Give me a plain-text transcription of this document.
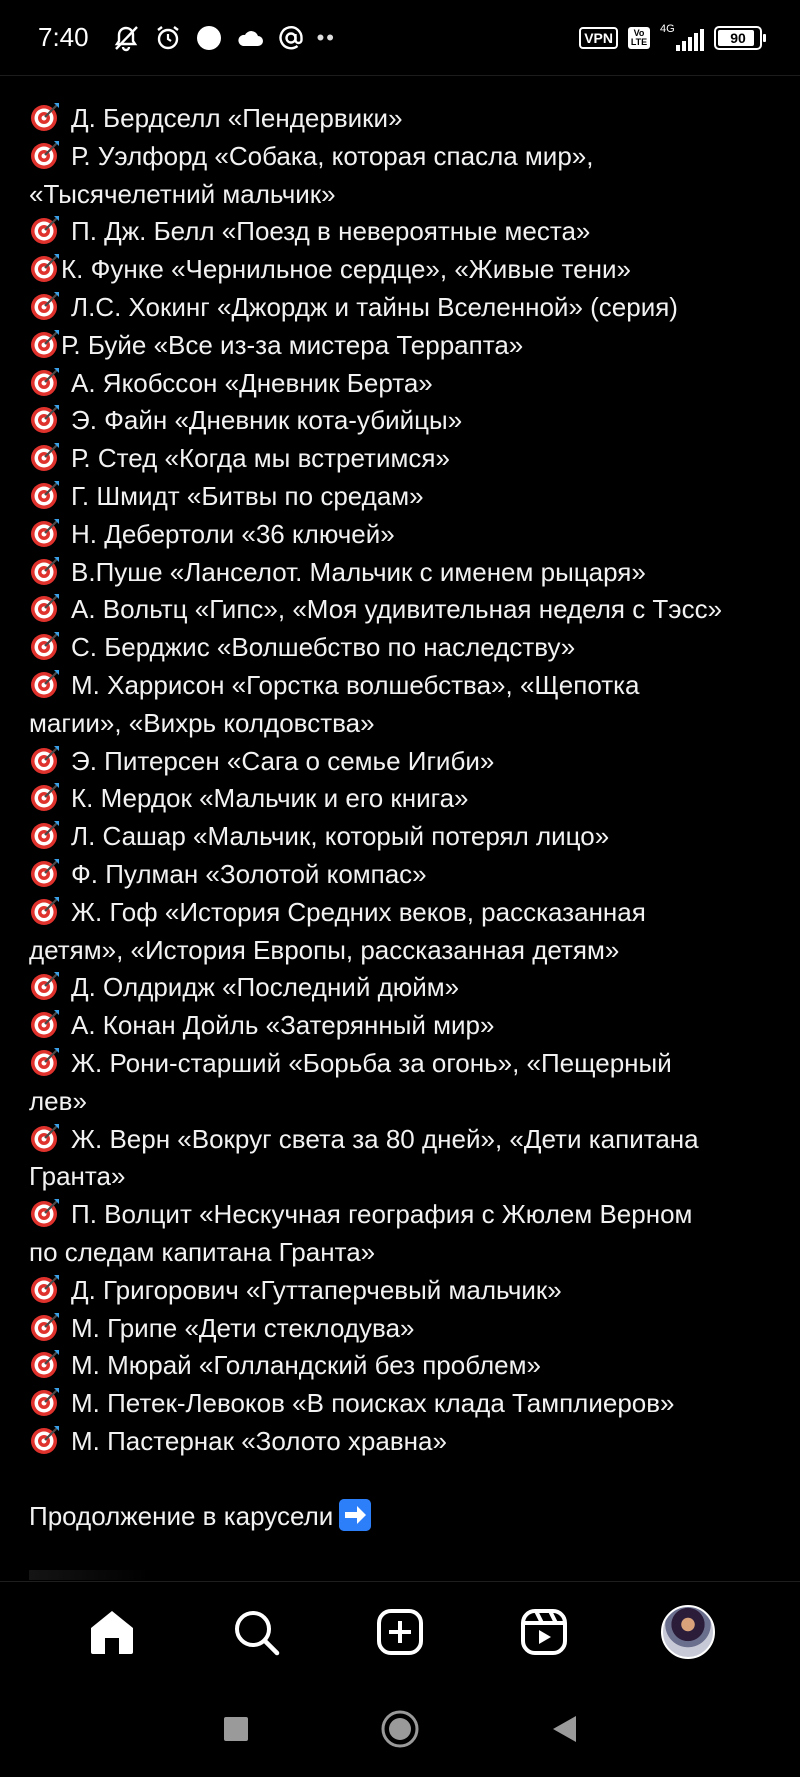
7:40	••	VPN	Vo LTE
4G
90
Д. Бердселл «Пендервики»
Р. Уэлфорд «Собака, которая спасла мир»,
«Тысячелетний мальчик»
П. Дж. Белл «Поезд в невероятные места»
К. Функе «Чернильное сердце», «Живые тени»
Л.С. Хокинг «Джордж и тайны Вселенной» (серия)
Р. Буйе «Все из-за мистера Террапта»
А. Якобссон «Дневник Берта»
Э. Файн «Дневник кота-убийцы»
Р. Стед «Когда мы встретимся»
Г. Шмидт «Битвы по средам»
Н. Дебертоли «36 ключей»
В.Пуше «Ланселот. Мальчик с именем рыцаря»
А. Вольтц «Гипс», «Моя удивительная неделя с Тэсс»
С. Берджис «Волшебство по наследству»
М. Харрисон «Горстка волшебства», «Щепотка
магии», «Вихрь колдовства»
Э. Питерсен «Сага о семье Игиби»
К. Мердок «Мальчик и его книга»
Л. Сашар «Мальчик, который потерял лицо»
Ф. Пулман «Золотой компас»
Ж. Гоф «История Средних веков, рассказанная
детям», «История Европы, рассказанная детям»
Д. Олдридж «Последний дюйм»
А. Конан Дойль «Затерянный мир»
Ж. Рони-старший «Борьба за огонь», «Пещерный
лев»
Ж. Верн «Вокруг света за 80 дней», «Дети капитана
Гранта»
П. Волцит «Нескучная география с Жюлем Верном
по следам капитана Гранта»
Д. Григорович «Гуттаперчевый мальчик»
М. Грипе «Дети стеклодува»
М. Мюрай «Голландский без проблем»
М. Петек-Левоков «В поисках клада Тамплиеров»
М. Пастернак «Золото хравна»
Продолжение в карусели
